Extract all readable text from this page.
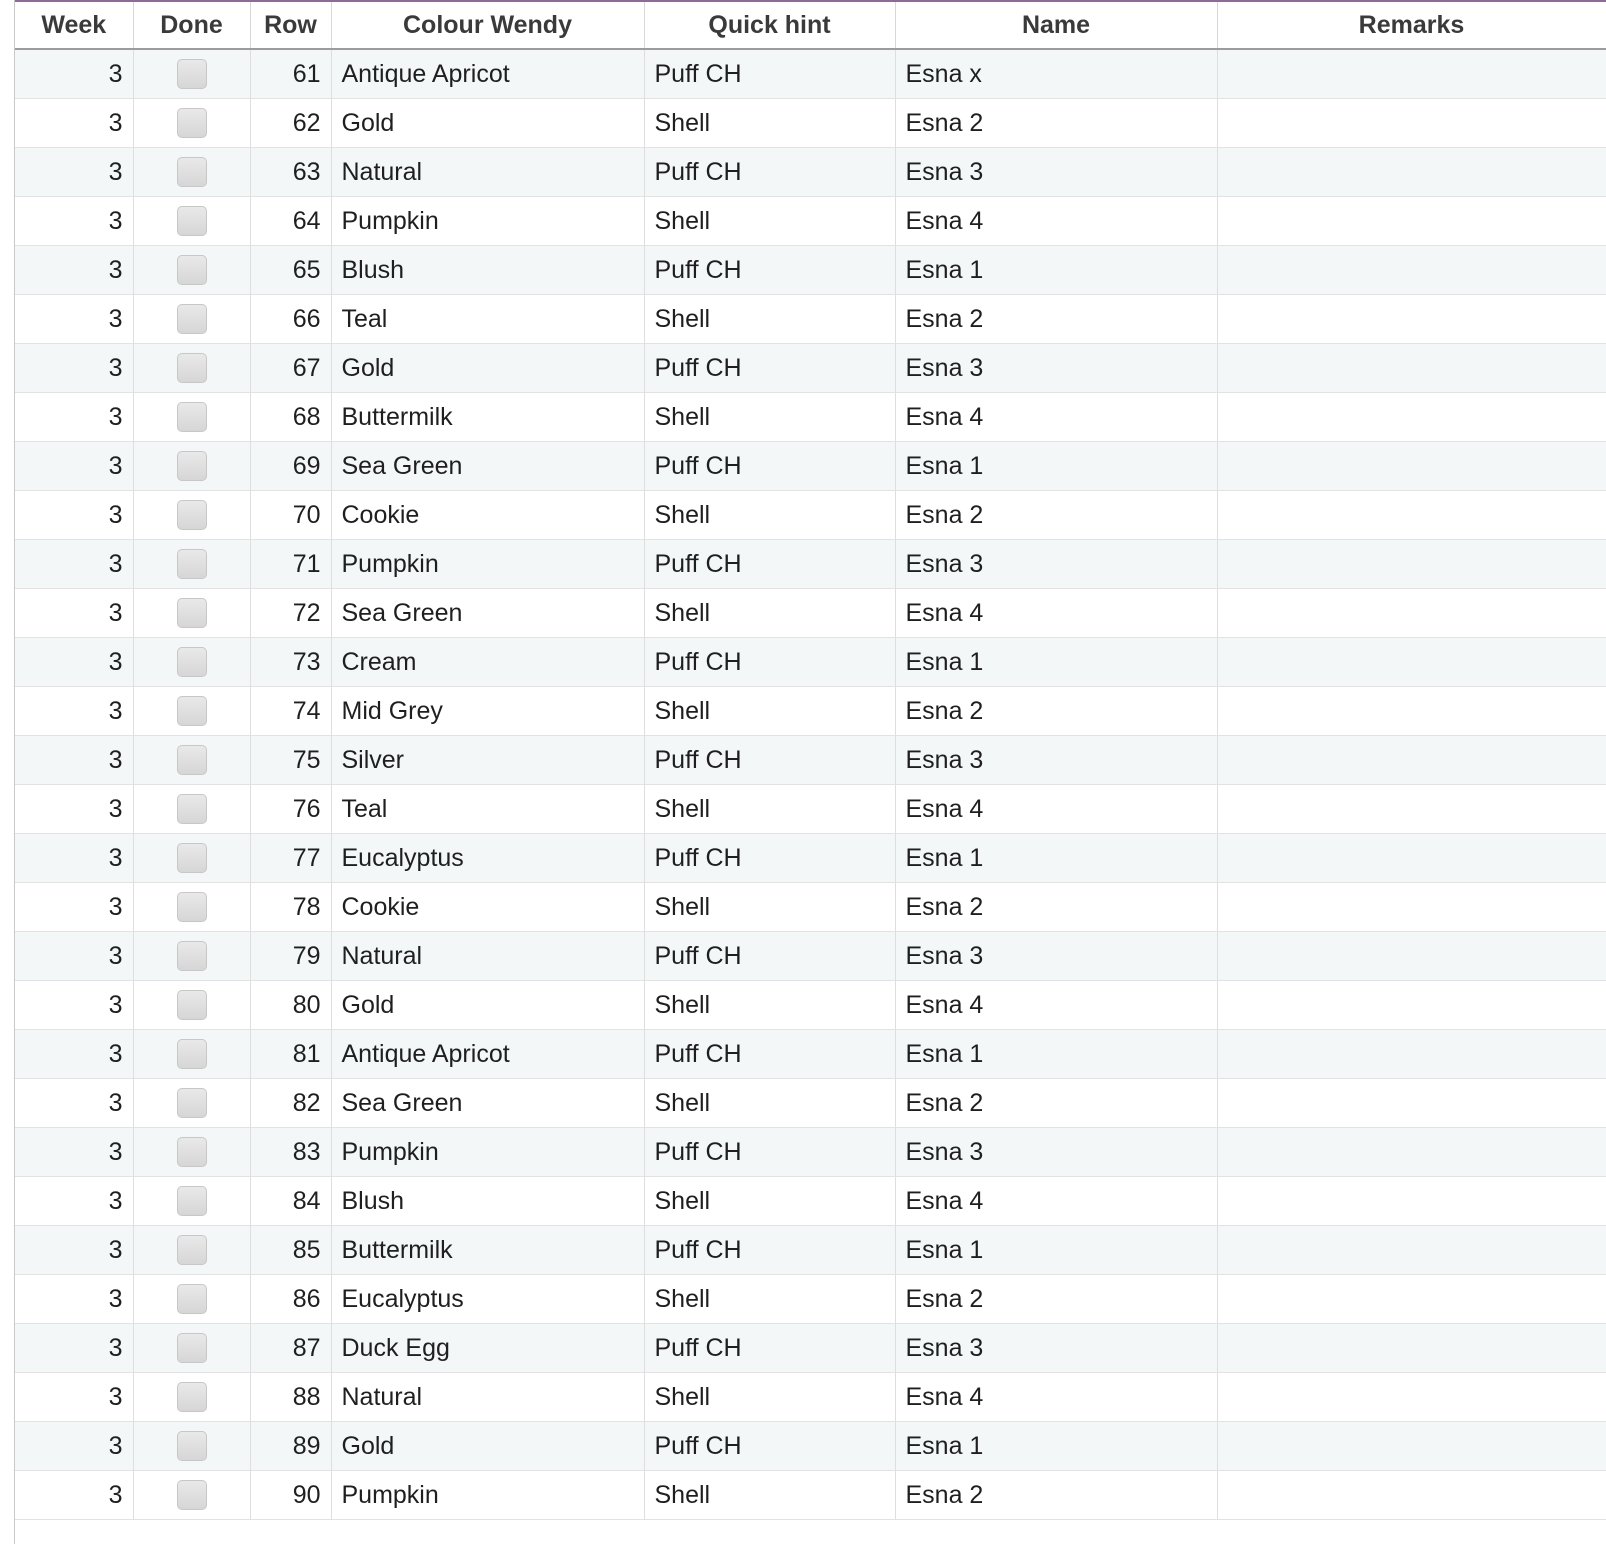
Week	Done	Row	Colour Wendy	Quick hint	Name	Remarks
3		61	Antique Apricot	Puff CH	Esna x	
3		62	Gold	Shell	Esna 2	
3		63	Natural	Puff CH	Esna 3	
3		64	Pumpkin	Shell	Esna 4	
3		65	Blush	Puff CH	Esna 1	
3		66	Teal	Shell	Esna 2	
3		67	Gold	Puff CH	Esna 3	
3		68	Buttermilk	Shell	Esna 4	
3		69	Sea Green	Puff CH	Esna 1	
3		70	Cookie	Shell	Esna 2	
3		71	Pumpkin	Puff CH	Esna 3	
3		72	Sea Green	Shell	Esna 4	
3		73	Cream	Puff CH	Esna 1	
3		74	Mid Grey	Shell	Esna 2	
3		75	Silver	Puff CH	Esna 3	
3		76	Teal	Shell	Esna 4	
3		77	Eucalyptus	Puff CH	Esna 1	
3		78	Cookie	Shell	Esna 2	
3		79	Natural	Puff CH	Esna 3	
3		80	Gold	Shell	Esna 4	
3		81	Antique Apricot	Puff CH	Esna 1	
3		82	Sea Green	Shell	Esna 2	
3		83	Pumpkin	Puff CH	Esna 3	
3		84	Blush	Shell	Esna 4	
3		85	Buttermilk	Puff CH	Esna 1	
3		86	Eucalyptus	Shell	Esna 2	
3		87	Duck Egg	Puff CH	Esna 3	
3		88	Natural	Shell	Esna 4	
3		89	Gold	Puff CH	Esna 1	
3		90	Pumpkin	Shell	Esna 2	
